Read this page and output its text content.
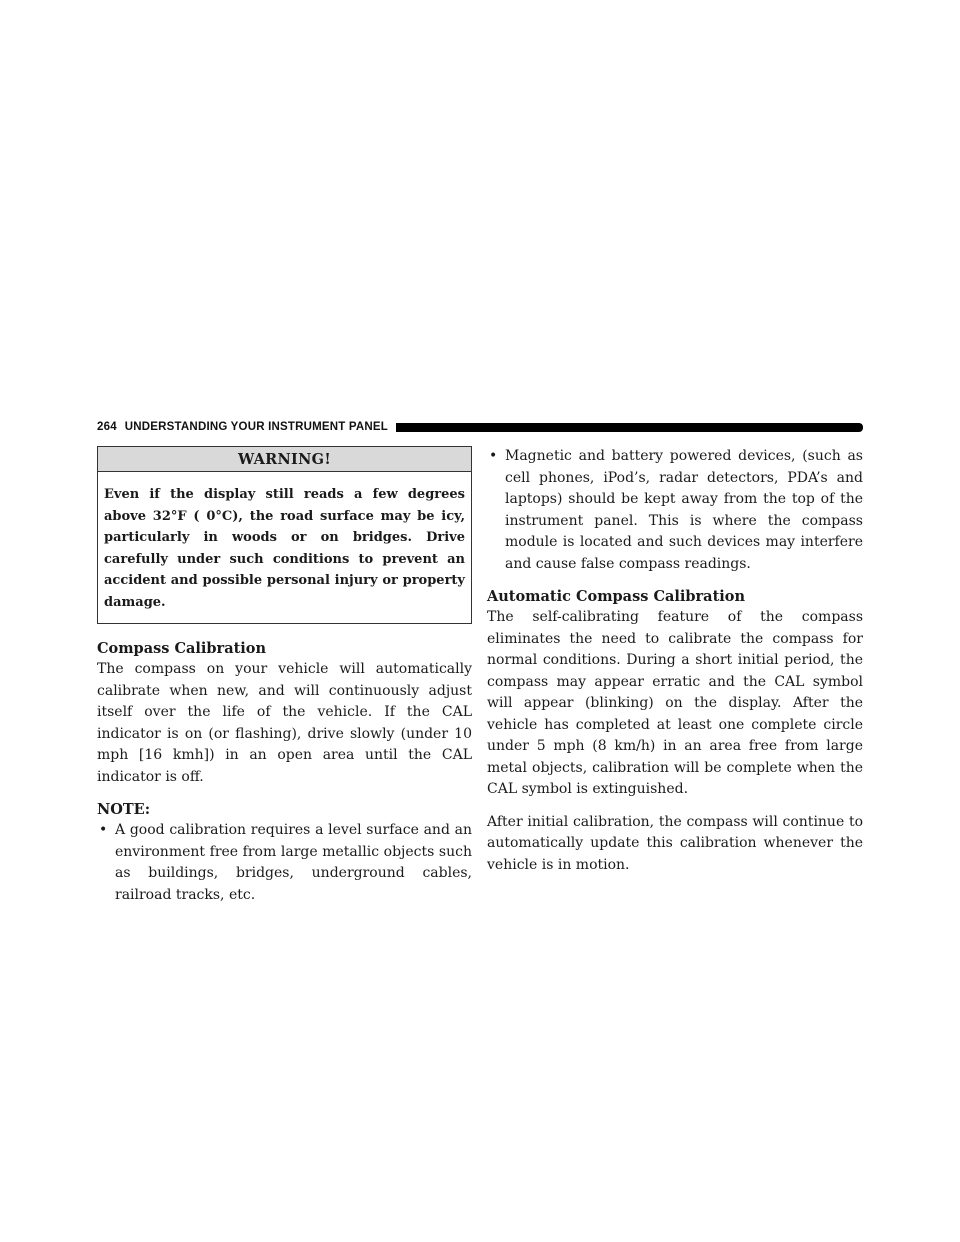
264 UNDERSTANDING YOUR INSTRUMENT PANEL
WARNING!
Even if the display still reads a few degrees above 32°F ( 0°C), the road surface may be icy, particularly in woods or on bridges. Drive carefully under such conditions to prevent an accident and possible personal injury or property damage.
Compass Calibration

The compass on your vehicle will automatically calibrate when new, and will continuously adjust itself over the life of the vehicle. If the CAL indicator is on (or flashing), drive slowly (under 10 mph [16 kmh]) in an open area until the CAL indicator is off.

NOTE:
• A good calibration requires a level surface and an environment free from large metallic objects such as buildings, bridges, underground cables, railroad tracks, etc.
• Magnetic and battery powered devices, (such as cell phones, iPod’s, radar detectors, PDA’s and laptops) should be kept away from the top of the instrument panel. This is where the compass module is located and such devices may interfere and cause false compass readings.
Automatic Compass Calibration

The self-calibrating feature of the compass eliminates the need to calibrate the compass for normal conditions. During a short initial period, the compass may appear erratic and the CAL symbol will appear (blinking) on the display. After the vehicle has completed at least one complete circle under 5 mph (8 km/h) in an area free from large metal objects, calibration will be complete when the CAL symbol is extinguished.

After initial calibration, the compass will continue to automatically update this calibration whenever the vehicle is in motion.
